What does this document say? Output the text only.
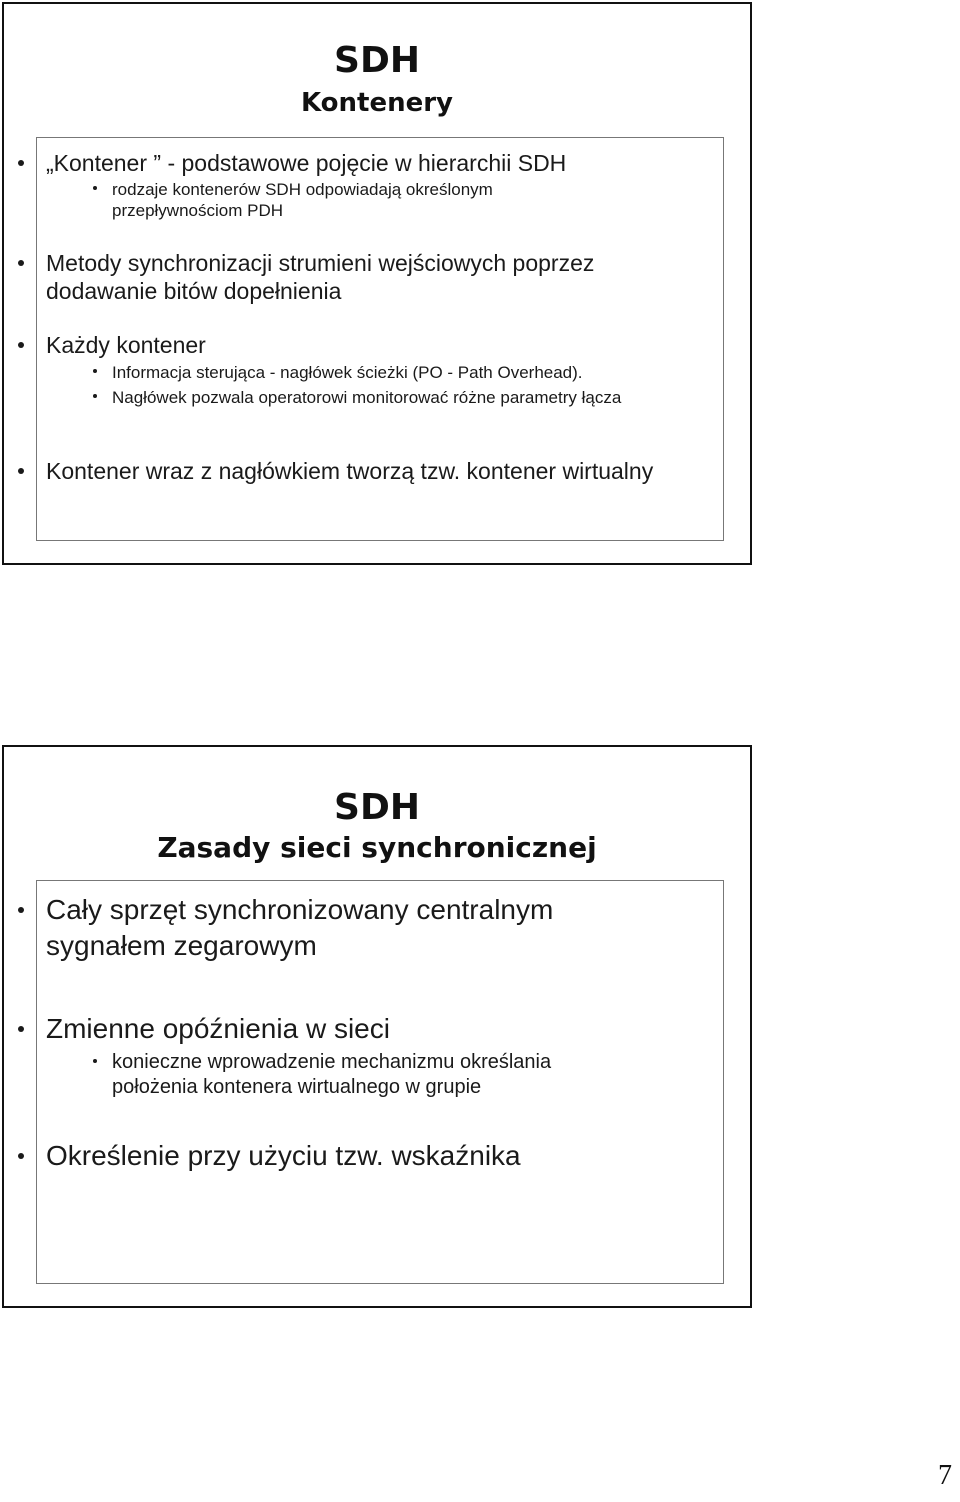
SDH
Kontenery
„Kontener ” - podstawowe pojęcie w hierarchii SDH
rodzaje kontenerów SDH odpowiadają określonym przepływnościom PDH
Metody synchronizacji strumieni wejściowych poprzez dodawanie bitów dopełnienia
Każdy kontener
Informacja sterująca - nagłówek ścieżki (PO - Path Overhead).
Nagłówek pozwala operatorowi monitorować różne parametry łącza
Kontener wraz z nagłówkiem tworzą tzw. kontener wirtualny
SDH
Zasady sieci synchronicznej
Cały sprzęt synchronizowany centralnym sygnałem zegarowym
Zmienne opóźnienia w sieci
konieczne wprowadzenie mechanizmu określania położenia kontenera wirtualnego w grupie
Określenie przy użyciu tzw. wskaźnika
7
